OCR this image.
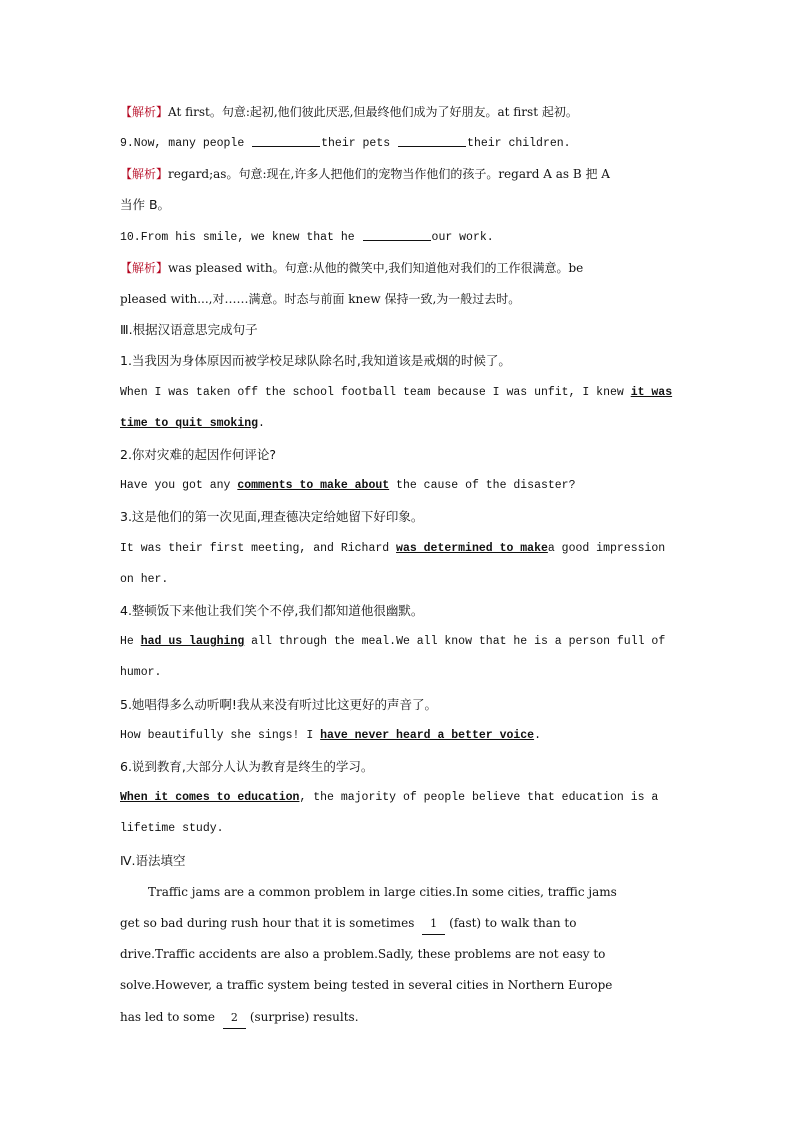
【解析】At first。句意:起初,他们彼此厌恶,但最终他们成为了好朋友。at first 起初。
9.Now, many people	their pets	their children.
【解析】regard;as。句意:现在,许多人把他们的宠物当作他们的孩子。regard A as B 把 A
当作 B。
10.From his smile, we knew that he	our work.
【解析】was pleased with。句意:从他的微笑中,我们知道他对我们的工作很满意。be
pleased with...,对……满意。时态与前面 knew 保持一致,为一般过去时。
Ⅲ.根据汉语意思完成句子
1.当我因为身体原因而被学校足球队除名时,我知道该是戒烟的时候了。
When I was taken off the school football team because I was unfit, I knew it was
time to quit smoking.
2.你对灾难的起因作何评论?
Have you got any comments to make about the cause of the disaster?
3.这是他们的第一次见面,理查德决定给她留下好印象。
It was their first meeting, and Richard was determined to makea good impression
on her.
4.整顿饭下来他让我们笑个不停,我们都知道他很幽默。
He had us laughing all through the meal.We all know that he is a person full of
humor.
5.她唱得多么动听啊!我从来没有听过比这更好的声音了。
How beautifully she sings! I have never heard a better voice.
6.说到教育,大部分人认为教育是终生的学习。
When it comes to education, the majority of people believe that education is a
lifetime study.
Ⅳ.语法填空
Traffic jams are a common problem in large cities.In some cities, traffic jams
get so bad during rush hour that it is sometimes 1 (fast) to walk than to
drive.Traffic accidents are also a problem.Sadly, these problems are not easy to
solve.However, a traffic system being tested in several cities in Northern Europe
has led to some 2 (surprise) results.
